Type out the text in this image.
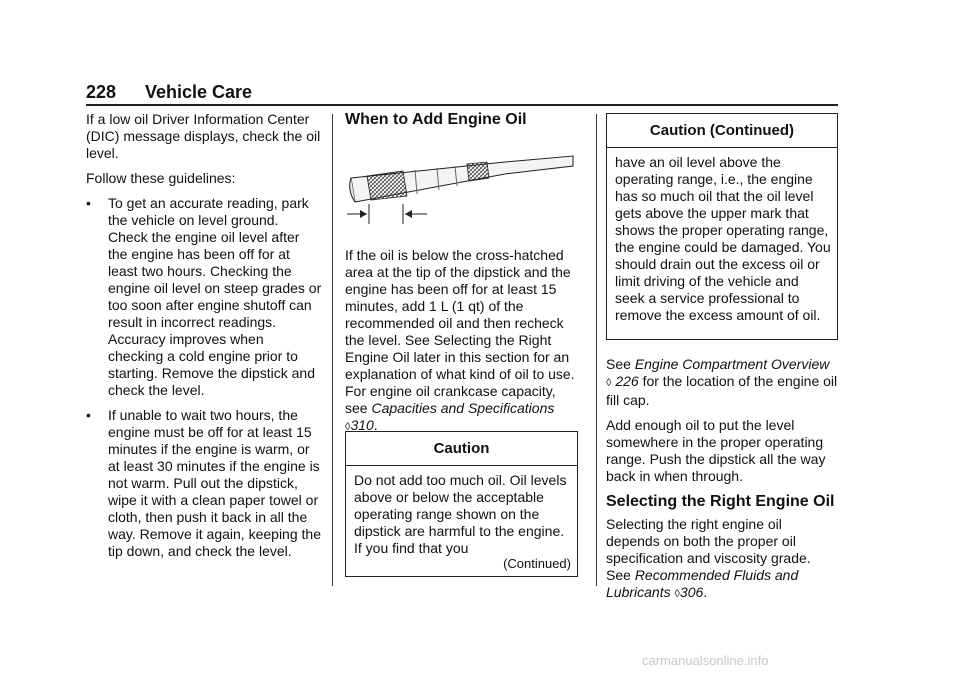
228 Vehicle Care

If a low oil Driver Information Center (DIC) message displays, check the oil level.

Follow these guidelines:

•	To get an accurate reading, park the vehicle on level ground. Check the engine oil level after the engine has been off for at least two hours. Checking the engine oil level on steep grades or too soon after engine shutoff can result in incorrect readings. Accuracy improves when checking a cold engine prior to starting. Remove the dipstick and check the level.
•	If unable to wait two hours, the engine must be off for at least 15 minutes if the engine is warm, or at least 30 minutes if the engine is not warm. Pull out the dipstick, wipe it with a clean paper towel or cloth, then push it back in all the way. Remove it again, keeping the tip down, and check the level.
When to Add Engine Oil

If the oil is below the cross-hatched area at the tip of the dipstick and the engine has been off for at least 15 minutes, add 1 L (1 qt) of the recommended oil and then recheck the level. See Selecting the Right Engine Oil later in this section for an explanation of what kind of oil to use. For engine oil crankcase capacity, see Capacities and Specifications ◊310.

Caution
Do not add too much oil. Oil levels above or below the acceptable operating range shown on the dipstick are harmful to the engine. If you find that you
(Continued)
Caution (Continued)
have an oil level above the operating range, i.e., the engine has so much oil that the oil level gets above the upper mark that shows the proper operating range, the engine could be damaged. You should drain out the excess oil or limit driving of the vehicle and seek a service professional to remove the excess amount of oil.

See Engine Compartment Overview
◊ 226 for the location of the engine oil fill cap.

Add enough oil to put the level somewhere in the proper operating range. Push the dipstick all the way back in when through.

Selecting the Right Engine Oil

Selecting the right engine oil depends on both the proper oil specification and viscosity grade. See Recommended Fluids and Lubricants ◊306.

carmanualsonline.info
